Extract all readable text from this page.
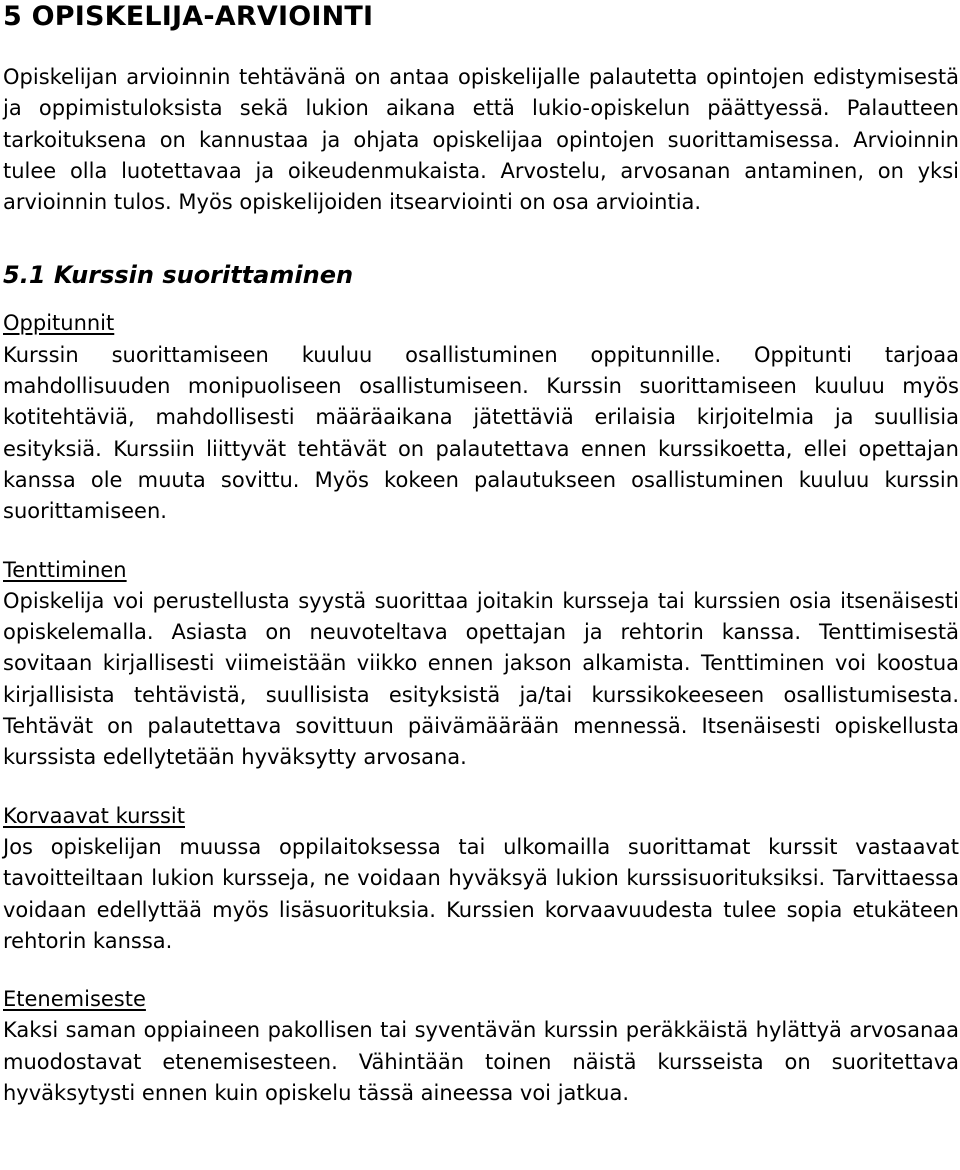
5 OPISKELIJA-ARVIOINTI

Opiskelijan arvioinnin tehtävänä on antaa opiskelijalle palautetta opintojen edistymisestä ja oppimistuloksista sekä lukion aikana että lukio-opiskelun päättyessä. Palautteen tarkoituksena on kannustaa ja ohjata opiskelijaa opintojen suorittamisessa. Arvioinnin tulee olla luotettavaa ja oikeudenmukaista. Arvostelu, arvosanan antaminen, on yksi arvioinnin tulos. Myös opiskelijoiden itsearviointi on osa arviointia.

5.1 Kurssin suorittaminen
Oppitunnit

Kurssin suorittamiseen kuuluu osallistuminen oppitunnille. Oppitunti tarjoaa mahdollisuuden monipuoliseen osallistumiseen. Kurssin suorittamiseen kuuluu myös kotitehtäviä, mahdollisesti määräaikana jätettäviä erilaisia kirjoitelmia ja suullisia esityksiä. Kurssiin liittyvät tehtävät on palautettava ennen kurssikoetta, ellei opettajan kanssa ole muuta sovittu. Myös kokeen palautukseen osallistuminen kuuluu kurssin suorittamiseen.

Tenttiminen

Opiskelija voi perustellusta syystä suorittaa joitakin kursseja tai kurssien osia itsenäisesti opiskelemalla. Asiasta on neuvoteltava opettajan ja rehtorin kanssa. Tenttimisestä sovitaan kirjallisesti viimeistään viikko ennen jakson alkamista. Tenttiminen voi koostua kirjallisista tehtävistä, suullisista esityksistä ja/tai kurssikokeeseen osallistumisesta. Tehtävät on palautettava sovittuun päivämäärään mennessä. Itsenäisesti opiskellusta kurssista edellytetään hyväksytty arvosana.

Korvaavat kurssit

Jos opiskelijan muussa oppilaitoksessa tai ulkomailla suorittamat kurssit vastaavat tavoitteiltaan lukion kursseja, ne voidaan hyväksyä lukion kurssisuorituksiksi. Tarvittaessa voidaan edellyttää myös lisäsuorituksia. Kurssien korvaavuudesta tulee sopia etukäteen rehtorin kanssa.

Etenemiseste

Kaksi saman oppiaineen pakollisen tai syventävän kurssin peräkkäistä hylättyä arvosanaa muodostavat etenemisesteen. Vähintään toinen näistä kursseista on suoritettava hyväksytysti ennen kuin opiskelu tässä aineessa voi jatkua.
